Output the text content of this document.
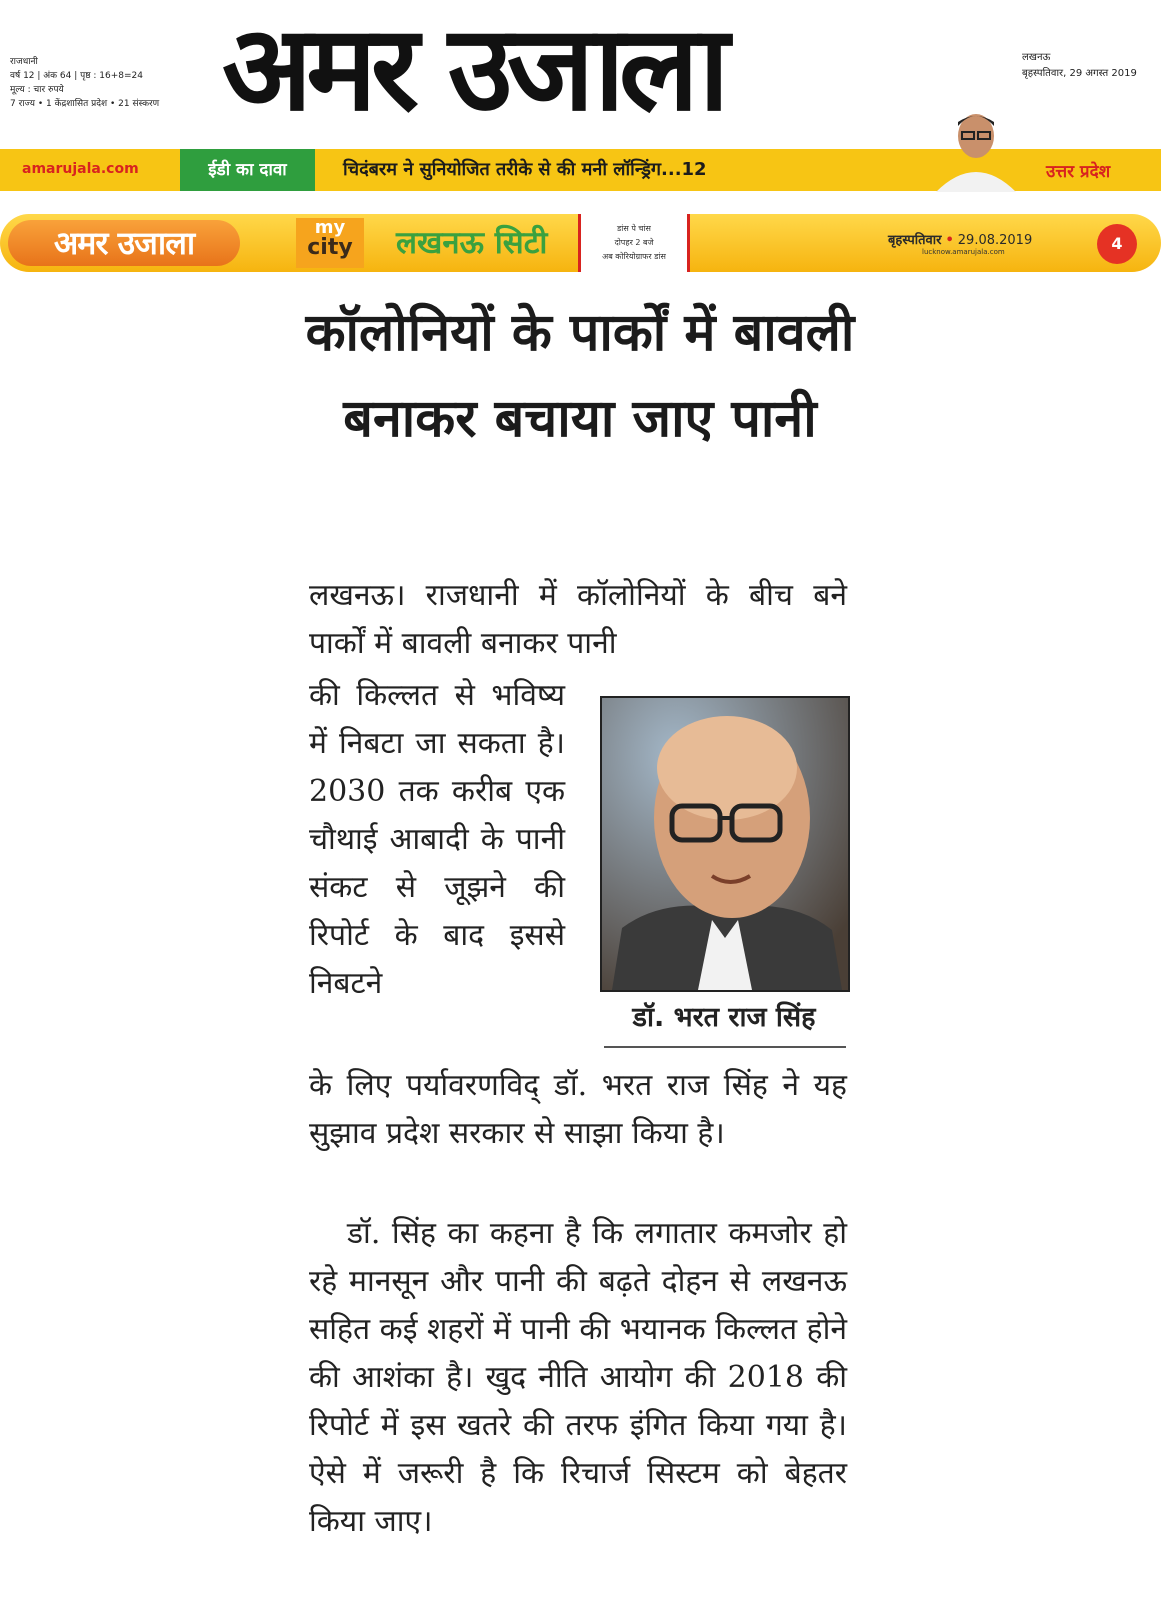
राजधानी
वर्ष 12 | अंक 64 | पृष्ठ : 16+8=24
मूल्य : चार रुपये
7 राज्य • 1 केंद्रशासित प्रदेश • 21 संस्करण अमर उजाला	लखनऊ
बृहस्पतिवार, 29 अगस्त 2019
amarujala.com	ईडी का दावा	चिदंबरम ने सुनियोजित तरीके से की मनी लॉन्ड्रिंग...12	उत्तर प्रदेश
अमर उजाला	my
city	लखनऊ सिटी	डांस पे चांस
दोपहर 2 बजे
अब कोरियोग्राफर डांस
बृहस्पतिवार • 29.08.2019
lucknow.amarujala.com	4
कॉलोनियों के पार्कों में बावली बनाकर बचाया जाए पानी
लखनऊ। राजधानी में कॉलोनियों के बीच बने पार्कों में बावली बनाकर पानी
की किल्लत से भविष्य में निबटा जा सकता है। 2030 तक करीब एक चौथाई आबादी के पानी संकट से जूझने की रिपोर्ट के बाद इससे निबटने
डॉ. भरत राज सिंह
के लिए पर्यावरणविद् डॉ. भरत राज सिंह ने यह सुझाव प्रदेश सरकार से साझा किया है।
डॉ. सिंह का कहना है कि लगातार कमजोर हो रहे मानसून और पानी की बढ़ते दोहन से लखनऊ सहित कई शहरों में पानी की भयानक किल्लत होने की आशंका है। खुद नीति आयोग की 2018 की रिपोर्ट में इस खतरे की तरफ इंगित किया गया है। ऐसे में जरूरी है कि रिचार्ज सिस्टम को बेहतर किया जाए।
